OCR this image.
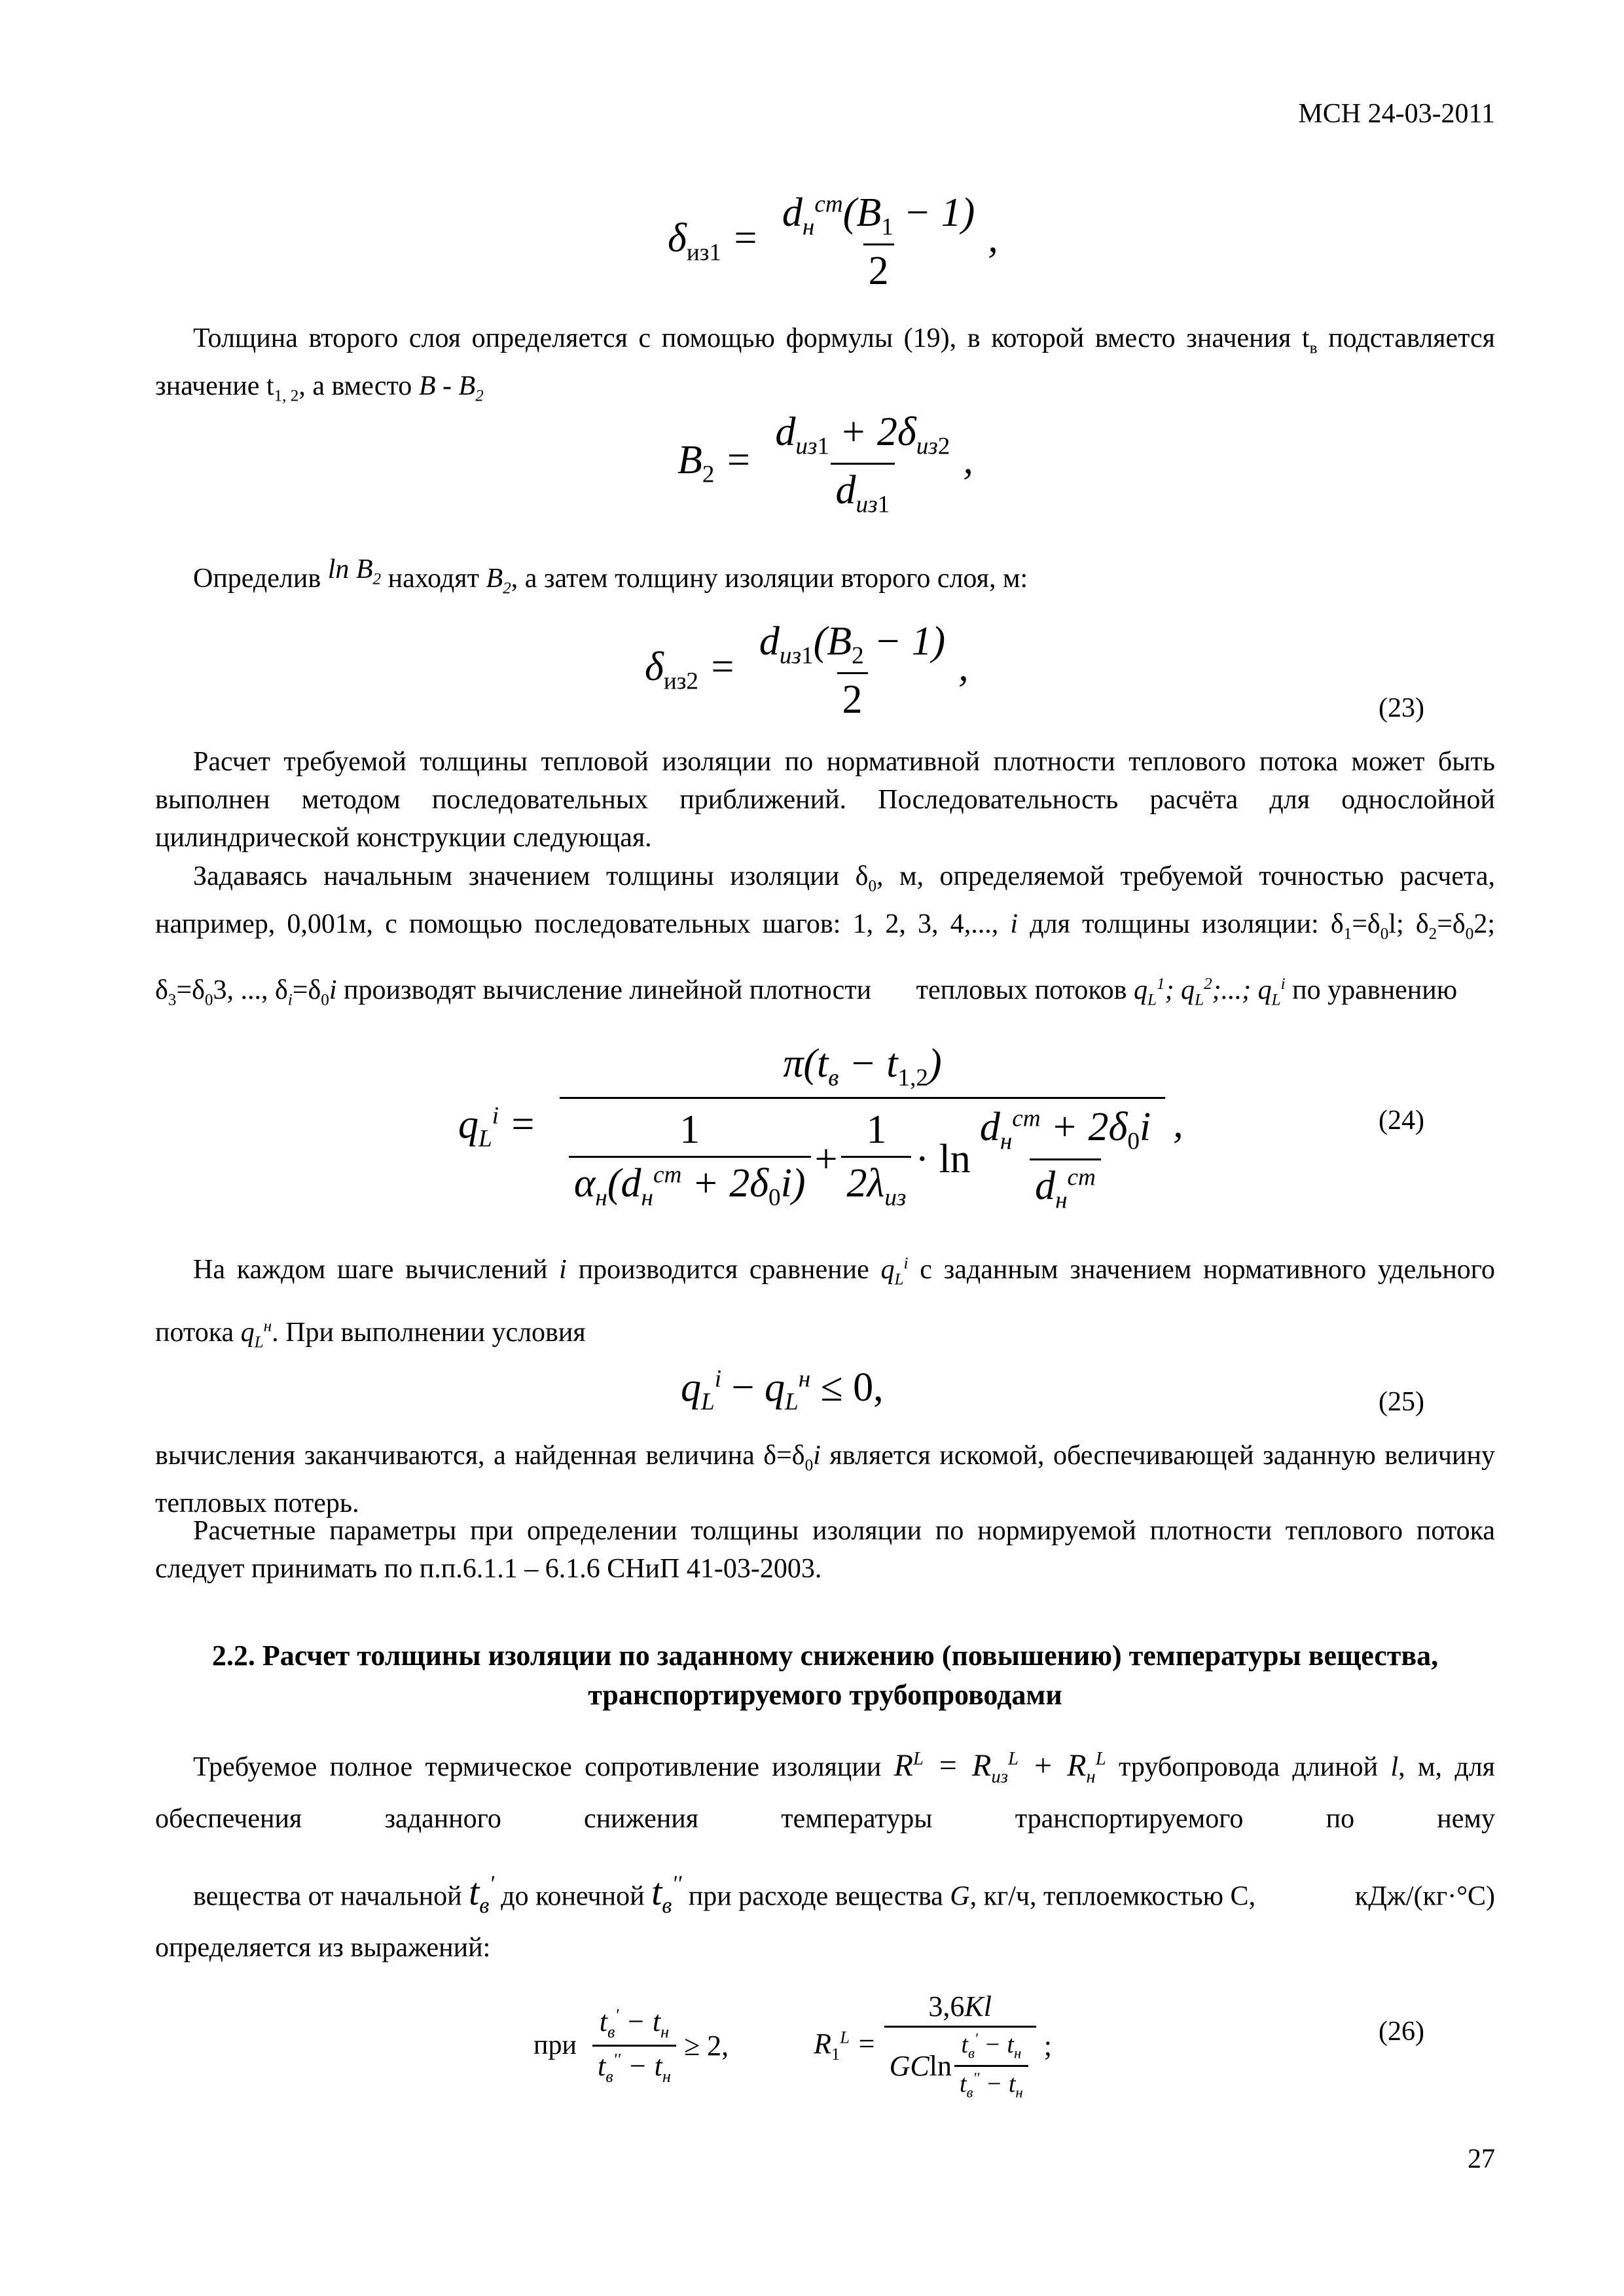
МСН 24-03-2011
$\delta_{из1} = \frac{d_н^{ст}(B_1 - 1)}{2}$ ,
Толщина второго слоя определяется с помощью формулы (19), в которой вместо значения $t_в$ подставляется значение $t_{1, 2}$, а вместо B - $B_2$
$B_2 = \frac{d_{из1} + 2\delta_{из2}}{d_{из1}}$ ,
Определив $\ln B_2$ находят $B_2$, а затем толщину изоляции второго слоя, м:
$\delta_{из2} = \frac{d_{из1}(B_2 - 1)}{2}$ ,
(23)
Расчет требуемой толщины тепловой изоляции по нормативной плотности теплового потока может быть выполнен методом последовательных приближений. Последовательность расчёта для однослойной цилиндрической конструкции следующая.
Задаваясь начальным значением толщины изоляции $\delta_0$, м, определяемой требуемой точностью расчета, например, 0,001м, с помощью последовательных шагов: 1, 2, 3, 4,..., i для толщины изоляции: $\delta_1=\delta_0l$; $\delta_2=\delta_02$; $\delta_3=\delta_03$, ..., $\delta_i=\delta_0i$ производят вычисление линейной плотности тепловых потоков $q_L^1$; $q_L^2$;...; $q_L^i$ по уравнению
$q_L^i$ =
$\pi(t_в - t_{1,2})$
$\frac{1}{\alpha_н(d_н^{ст} + 2\delta_0i)} + \frac{1}{2\lambda_{из}} \cdot \ln \frac{d_н^{ст} + 2\delta_0i}{d_н^{ст}}$ ,	(24)
На каждом шаге вычислений i производится сравнение $q_L^i$ с заданным значением нормативного удельного потока $q_L^н$. При выполнении условия
$q_L^i - q_L^н \le 0$,	(25)
вычисления заканчиваются, а найденная величина $\delta=\delta_0i$ является искомой, обеспечивающей заданную величину тепловых потерь.
Расчетные параметры при определении толщины изоляции по нормируемой плотности теплового потока следует принимать по п.п.6.1.1 – 6.1.6 СНиП 41-03-2003.
2.2. Расчет толщины изоляции по заданному снижению (повышению) температуры вещества, транспортируемого трубопроводами
Требуемое полное термическое сопротивление изоляции $R^L = R_{из}^L + R_н^L$ трубопровода длиной l, м, для обеспечения заданного снижения температуры транспортируемого по нему вещества от начальной $t_в'$ до конечной $t_в''$ при расходе вещества G, кг/ч, теплоемкостью C, кДж/(кг·°C) определяется из выражений:
при $\frac{t_в' - t_н}{t_в'' - t_н} \ge 2$,	$R_1^L = \frac{3,6Kl}{GC \ln \frac{t_в' - t_н}{t_в'' - t_н}}$ ;	(26)
27
